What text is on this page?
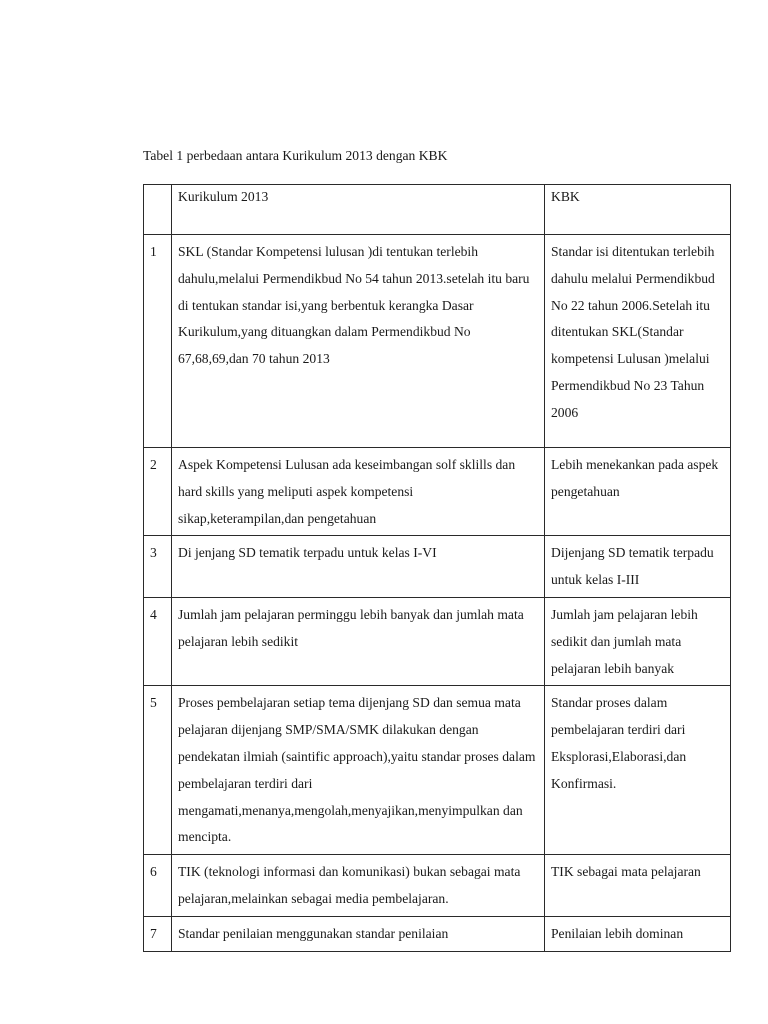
Tabel 1 perbedaan antara Kurikulum 2013 dengan KBK
	Kurikulum 2013	KBK
1	SKL (Standar Kompetensi lulusan )di tentukan terlebih dahulu,melalui Permendikbud No 54 tahun 2013.setelah itu baru di tentukan standar isi,yang berbentuk kerangka Dasar Kurikulum,yang dituangkan dalam Permendikbud No 67,68,69,dan 70 tahun 2013	Standar isi ditentukan terlebih dahulu melalui Permendikbud No 22 tahun 2006.Setelah itu ditentukan SKL(Standar kompetensi Lulusan )melalui Permendikbud No 23 Tahun 2006
2	Aspek Kompetensi Lulusan ada keseimbangan solf sklills dan hard skills yang meliputi aspek kompetensi sikap,keterampilan,dan pengetahuan	Lebih menekankan pada aspek pengetahuan
3	Di jenjang SD tematik terpadu untuk kelas I-VI	Dijenjang SD tematik terpadu untuk kelas I-III
4	Jumlah jam pelajaran perminggu lebih banyak dan jumlah mata pelajaran lebih sedikit	Jumlah jam pelajaran lebih sedikit dan jumlah mata pelajaran lebih banyak
5	Proses pembelajaran setiap tema dijenjang SD dan semua mata pelajaran dijenjang SMP/SMA/SMK dilakukan dengan pendekatan ilmiah (saintific approach),yaitu standar proses dalam pembelajaran terdiri dari mengamati,menanya,mengolah,menyajikan,menyimpulkan dan mencipta.	Standar proses dalam pembelajaran terdiri dari Eksplorasi,Elaborasi,dan Konfirmasi.
6	TIK (teknologi informasi dan komunikasi) bukan sebagai mata pelajaran,melainkan sebagai media pembelajaran.	TIK sebagai mata pelajaran
7	Standar penilaian menggunakan standar penilaian	Penilaian lebih dominan
